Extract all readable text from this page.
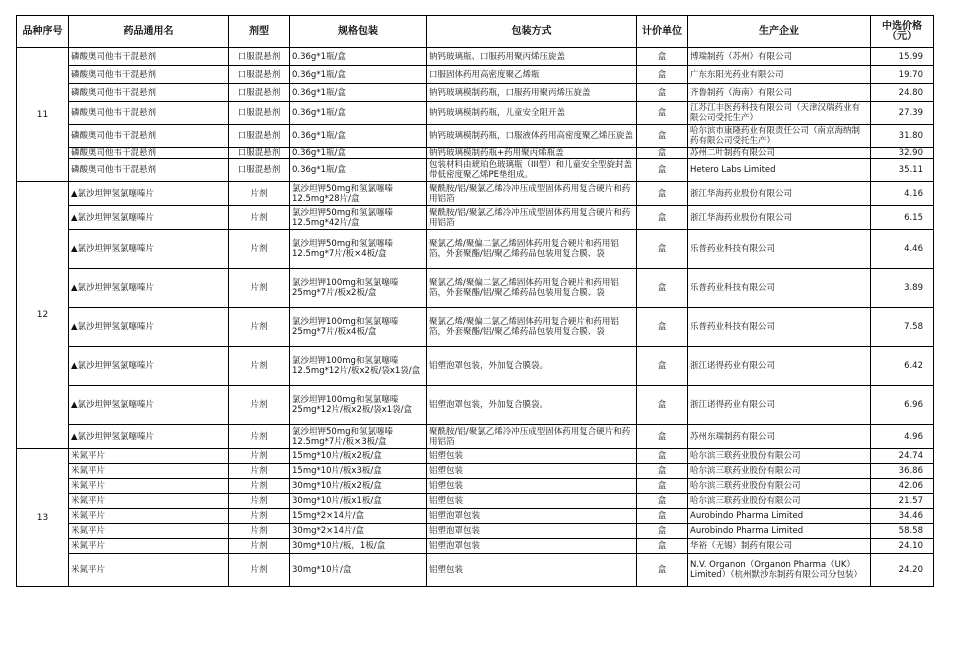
品种序号	药品通用名	剂型	规格包装	包装方式	计价单位	生产企业	中选价格
（元）
11	磷酸奥司他韦干混悬剂	口服混悬剂	0.36g*1瓶/盒	钠钙玻璃瓶、口服药用聚丙烯压旋盖	盒	博瑞制药（苏州）有限公司	15.99
	磷酸奥司他韦干混悬剂	口服混悬剂	0.36g*1瓶/盒	口服固体药用高密度聚乙烯瓶	盒	广东东阳光药业有限公司	19.70
	磷酸奥司他韦干混悬剂	口服混悬剂	0.36g*1瓶/盒	钠钙玻璃模制药瓶，口服药用聚丙烯压旋盖	盒	齐鲁制药（海南）有限公司	24.80
	磷酸奥司他韦干混悬剂	口服混悬剂	0.36g*1瓶/盒	钠钙玻璃模制药瓶，儿童安全阻开盖	盒	江苏江丰医药科技有限公司（天津汉瑞药业有限公司受托生产）	27.39
	磷酸奥司他韦干混悬剂	口服混悬剂	0.36g*1瓶/盒	钠钙玻璃模制药瓶，口服液体药用高密度聚乙烯压旋盖	盒	哈尔滨市康隆药业有限责任公司（南京海纳制药有限公司受托生产）	31.80
	磷酸奥司他韦干混悬剂	口服混悬剂	0.36g*1瓶/盒	钠钙玻璃模制药瓶+药用聚丙烯瓶盖	盒	苏州二叶制药有限公司	32.90
	磷酸奥司他韦干混悬剂	口服混悬剂	0.36g*1瓶/盒	包装材料由琥珀色玻璃瓶（III型）和儿童安全型旋封盖带低密度聚乙烯PE垫组成。	盒	Hetero Labs Limited	35.11
12	▲氯沙坦钾氢氯噻嗪片	片剂	氯沙坦钾50mg和氢氯噻嗪12.5mg*28片/盒	聚酰胺/铝/聚氯乙烯冷冲压成型固体药用复合硬片和药用铝箔	盒	浙江华海药业股份有限公司	4.16
	▲氯沙坦钾氢氯噻嗪片	片剂	氯沙坦钾50mg和氢氯噻嗪12.5mg*42片/盒	聚酰胺/铝/聚氯乙烯冷冲压成型固体药用复合硬片和药用铝箔	盒	浙江华海药业股份有限公司	6.15
	▲氯沙坦钾氢氯噻嗪片	片剂	氯沙坦钾50mg和氢氯噻嗪12.5mg*7片/板×4板/盒	聚氯乙烯/聚偏二氯乙烯固体药用复合硬片和药用铝箔，外套聚酯/铝/聚乙烯药品包装用复合膜、袋	盒	乐普药业科技有限公司	4.46
	▲氯沙坦钾氢氯噻嗪片	片剂	氯沙坦钾100mg和氢氯噻嗪25mg*7片/板x2板/盒	聚氯乙烯/聚偏二氯乙烯固体药用复合硬片和药用铝箔，外套聚酯/铝/聚乙烯药品包装用复合膜、袋	盒	乐普药业科技有限公司	3.89
	▲氯沙坦钾氢氯噻嗪片	片剂	氯沙坦钾100mg和氢氯噻嗪25mg*7片/板x4板/盒	聚氯乙烯/聚偏二氯乙烯固体药用复合硬片和药用铝箔，外套聚酯/铝/聚乙烯药品包装用复合膜、袋	盒	乐普药业科技有限公司	7.58
	▲氯沙坦钾氢氯噻嗪片	片剂	氯沙坦钾100mg和氢氯噻嗪12.5mg*12片/板x2板/袋x1袋/盒	铝塑泡罩包装，外加复合膜袋。	盒	浙江诺得药业有限公司	6.42
	▲氯沙坦钾氢氯噻嗪片	片剂	氯沙坦钾100mg和氢氯噻嗪25mg*12片/板x2板/袋x1袋/盒	铝塑泡罩包装，外加复合膜袋。	盒	浙江诺得药业有限公司	6.96
	▲氯沙坦钾氢氯噻嗪片	片剂	氯沙坦钾50mg和氢氯噻嗪12.5mg*7片/板×3板/盒	聚酰胺/铝/聚氯乙烯冷冲压成型固体药用复合硬片和药用铝箔	盒	苏州东瑞制药有限公司	4.96
13	米氮平片	片剂	15mg*10片/板x2板/盒	铝塑包装	盒	哈尔滨三联药业股份有限公司	24.74
	米氮平片	片剂	15mg*10片/板x3板/盒	铝塑包装	盒	哈尔滨三联药业股份有限公司	36.86
	米氮平片	片剂	30mg*10片/板x2板/盒	铝塑包装	盒	哈尔滨三联药业股份有限公司	42.06
	米氮平片	片剂	30mg*10片/板x1板/盒	铝塑包装	盒	哈尔滨三联药业股份有限公司	21.57
	米氮平片	片剂	15mg*2×14片/盒	铝塑泡罩包装	盒	Aurobindo Pharma Limited	34.46
	米氮平片	片剂	30mg*2×14片/盒	铝塑泡罩包装	盒	Aurobindo Pharma Limited	58.58
	米氮平片	片剂	30mg*10片/板，1板/盒	铝塑泡罩包装	盒	华裕（无锡）制药有限公司	24.10
	米氮平片	片剂	30mg*10片/盒	铝塑包装	盒	N.V. Organon（Organon Pharma（UK）Limited）（杭州默沙东制药有限公司分包装）	24.20
